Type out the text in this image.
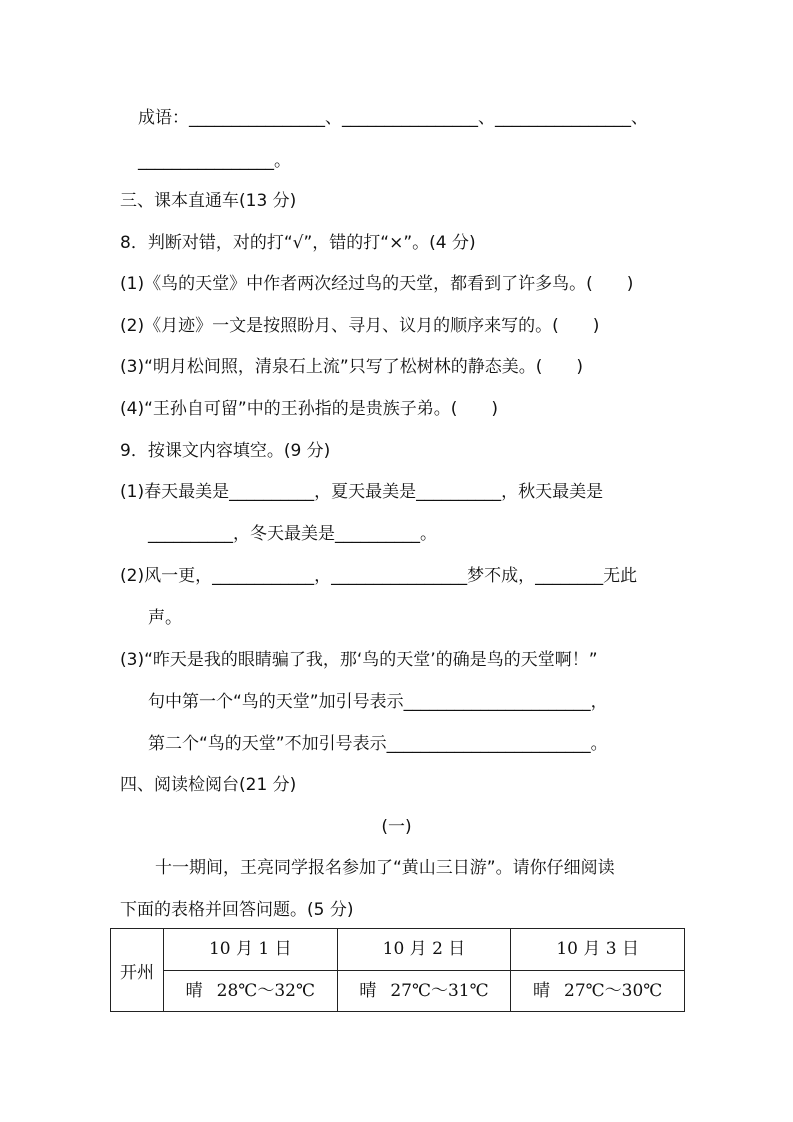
成语：________________、________________、________________、
________________。
三、课本直通车(13 分)
8．判断对错，对的打“√”，错的打“×”。(4 分)
(1)《鸟的天堂》中作者两次经过鸟的天堂，都看到了许多鸟。(　　)
(2)《月迹》一文是按照盼月、寻月、议月的顺序来写的。(　　)
(3)“明月松间照，清泉石上流”只写了松树林的静态美。(　　)
(4)“王孙自可留”中的王孙指的是贵族子弟。(　　)
9．按课文内容填空。(9 分)
(1)春天最美是__________，夏天最美是__________，秋天最美是
__________，冬天最美是__________。
(2)风一更，____________，________________梦不成，________无此
声。
(3)“昨天是我的眼睛骗了我，那‘鸟的天堂’的确是鸟的天堂啊！”
句中第一个“鸟的天堂”加引号表示______________________，
第二个“鸟的天堂”不加引号表示________________________。
四、阅读检阅台(21 分)
(一)
十一期间，王亮同学报名参加了“黄山三日游”。请你仔细阅读
下面的表格并回答问题。(5 分)
开州	10 月 1 日	10 月 2 日	10 月 3 日
	晴 28℃～32℃	晴 27℃～31℃	晴 27℃～30℃
